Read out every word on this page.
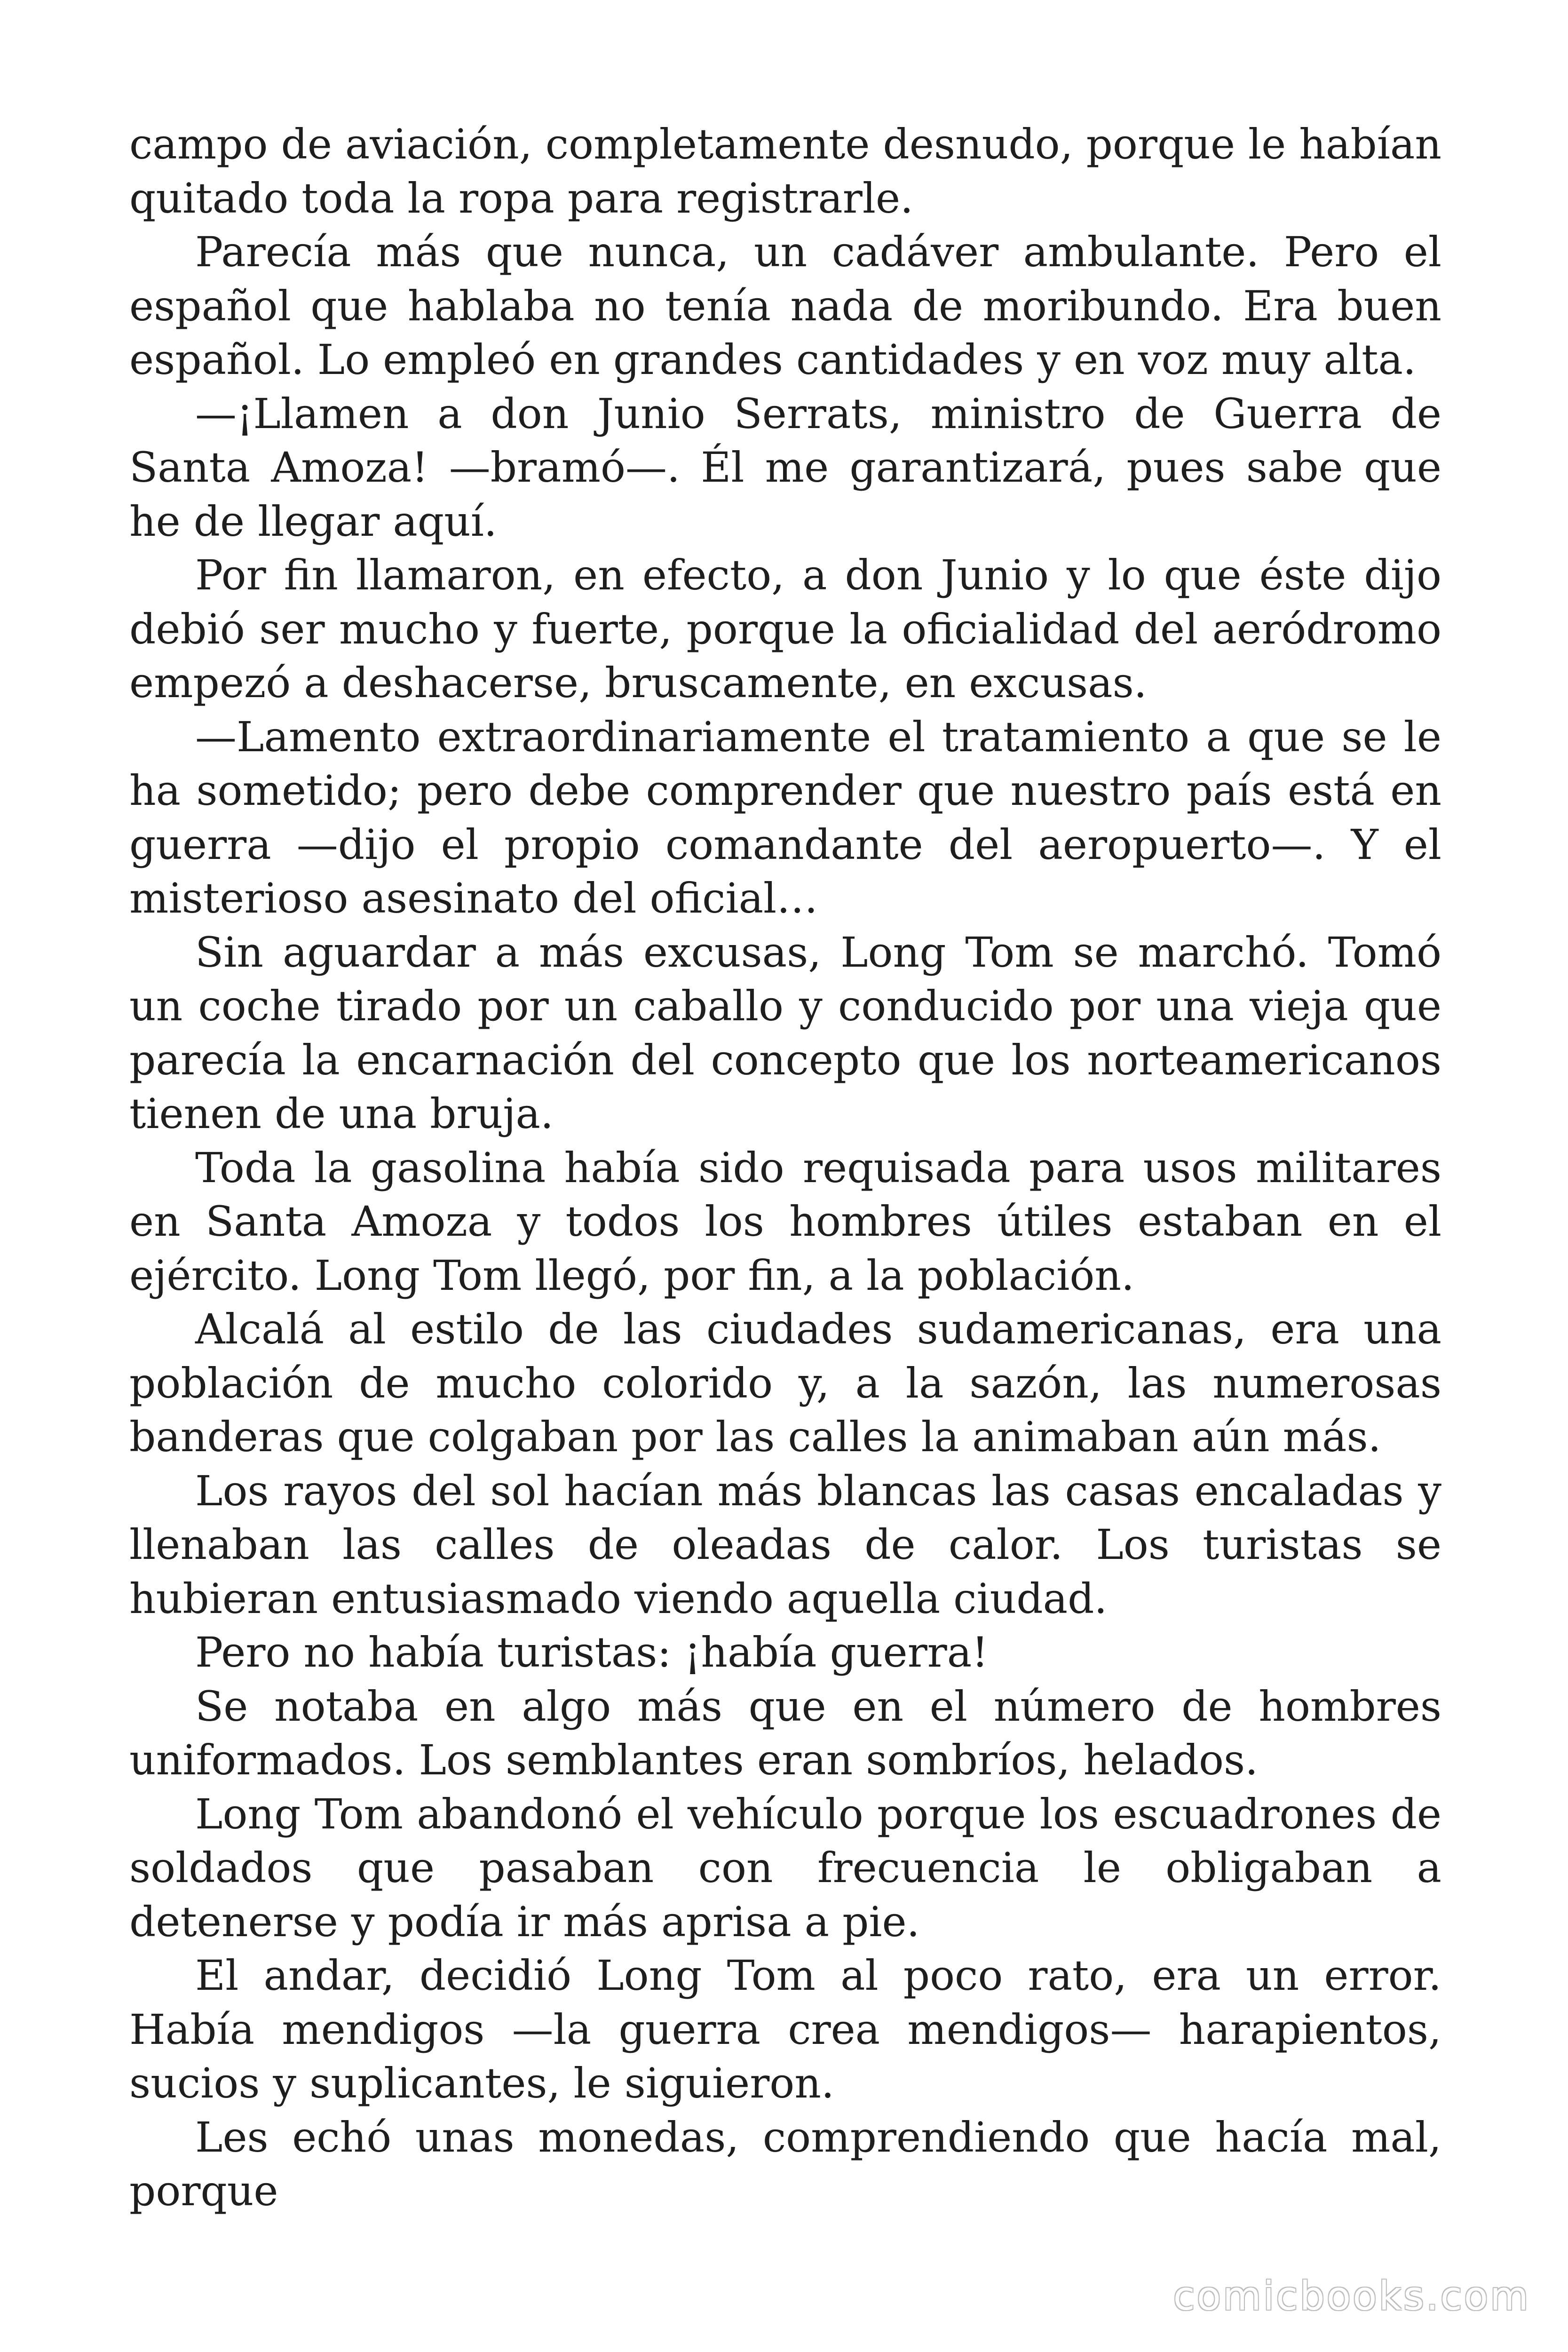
campo de aviación, completamente desnudo, porque le habían quitado toda la ropa para registrarle.

Parecía más que nunca, un cadáver ambulante. Pero el español que hablaba no tenía nada de moribundo. Era buen español. Lo empleó en grandes cantidades y en voz muy alta.

—¡Llamen a don Junio Serrats, ministro de Guerra de Santa Amoza! —bramó—. Él me garantizará, pues sabe que he de llegar aquí.

Por fin llamaron, en efecto, a don Junio y lo que éste dijo debió ser mucho y fuerte, porque la oficialidad del aeródromo empezó a deshacerse, bruscamente, en excusas.

—Lamento extraordinariamente el tratamiento a que se le ha sometido; pero debe comprender que nuestro país está en guerra —dijo el propio comandante del aeropuerto—. Y el misterioso asesinato del oficial…

Sin aguardar a más excusas, Long Tom se marchó. Tomó un coche tirado por un caballo y conducido por una vieja que parecía la encarnación del concepto que los norteamericanos tienen de una bruja.

Toda la gasolina había sido requisada para usos militares en Santa Amoza y todos los hombres útiles estaban en el ejército. Long Tom llegó, por fin, a la población.

Alcalá al estilo de las ciudades sudamericanas, era una población de mucho colorido y, a la sazón, las numerosas banderas que colgaban por las calles la animaban aún más.

Los rayos del sol hacían más blancas las casas encaladas y llenaban las calles de oleadas de calor. Los turistas se hubieran entusiasmado viendo aquella ciudad.

Pero no había turistas: ¡había guerra!

Se notaba en algo más que en el número de hombres uniformados. Los semblantes eran sombríos, helados.

Long Tom abandonó el vehículo porque los escuadrones de soldados que pasaban con frecuencia le obligaban a detenerse y podía ir más aprisa a pie.

El andar, decidió Long Tom al poco rato, era un error. Había mendigos —la guerra crea mendigos— harapientos, sucios y suplicantes, le siguieron.

Les echó unas monedas, comprendiendo que hacía mal, porque

comicbooks.com
